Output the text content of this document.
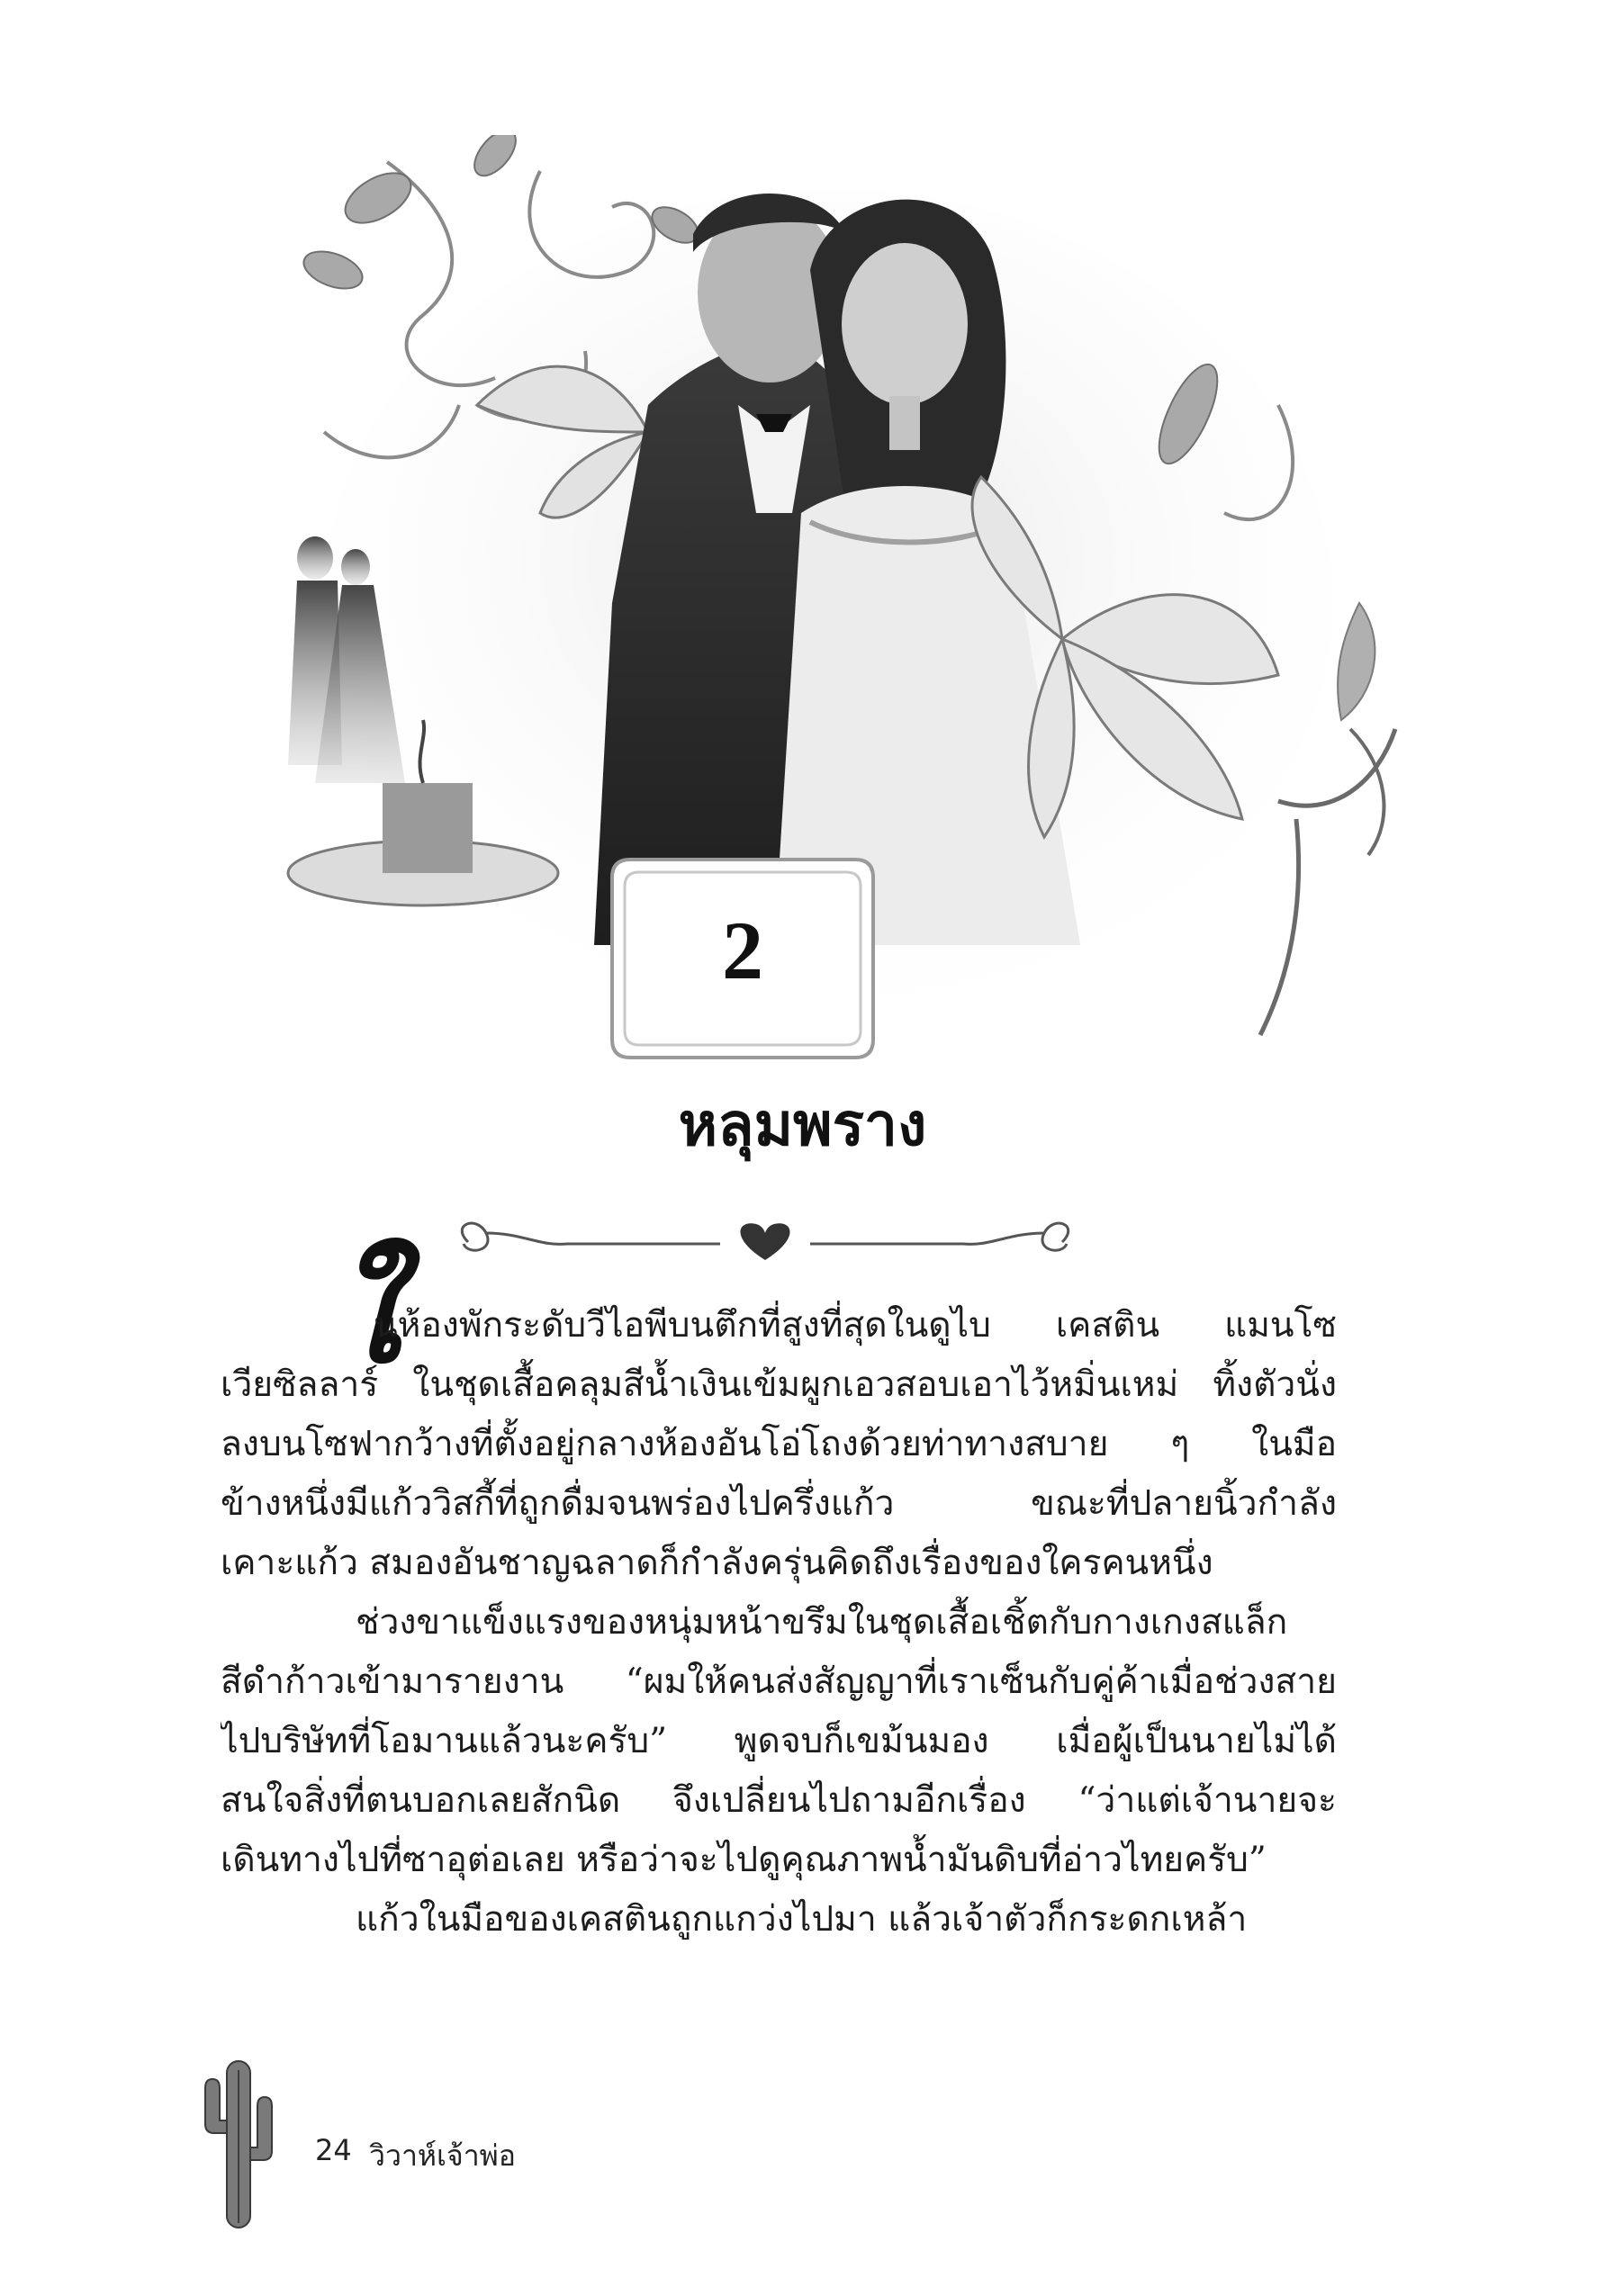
2
หลุมพราง
ใ
นห้องพักระดับวีไอพีบนตึกที่สูงที่สุดในดูไบ เคสติน แมนโซ
เวียซิลลาร์ ในชุดเสื้อคลุมสีน้ำเงินเข้มผูกเอวสอบเอาไว้หมิ่นเหม่ ทิ้งตัวนั่ง
ลงบนโซฟากว้างที่ตั้งอยู่กลางห้องอันโอ่โถงด้วยท่าทางสบาย ๆ ในมือ
ข้างหนึ่งมีแก้ววิสกี้ที่ถูกดื่มจนพร่องไปครึ่งแก้ว ขณะที่ปลายนิ้วกำลัง
เคาะแก้ว สมองอันชาญฉลาดก็กำลังครุ่นคิดถึงเรื่องของใครคนหนึ่ง
ช่วงขาแข็งแรงของหนุ่มหน้าขรึมในชุดเสื้อเชิ้ตกับกางเกงสแล็ก
สีดำก้าวเข้ามารายงาน “ผมให้คนส่งสัญญาที่เราเซ็นกับคู่ค้าเมื่อช่วงสาย
ไปบริษัทที่โอมานแล้วนะครับ” พูดจบก็เขม้นมอง เมื่อผู้เป็นนายไม่ได้
สนใจสิ่งที่ตนบอกเลยสักนิด จึงเปลี่ยนไปถามอีกเรื่อง “ว่าแต่เจ้านายจะ
เดินทางไปที่ซาอุต่อเลย หรือว่าจะไปดูคุณภาพน้ำมันดิบที่อ่าวไทยครับ”
แก้วในมือของเคสตินถูกแกว่งไปมา แล้วเจ้าตัวก็กระดกเหล้า
24 วิวาห์เจ้าพ่อ
